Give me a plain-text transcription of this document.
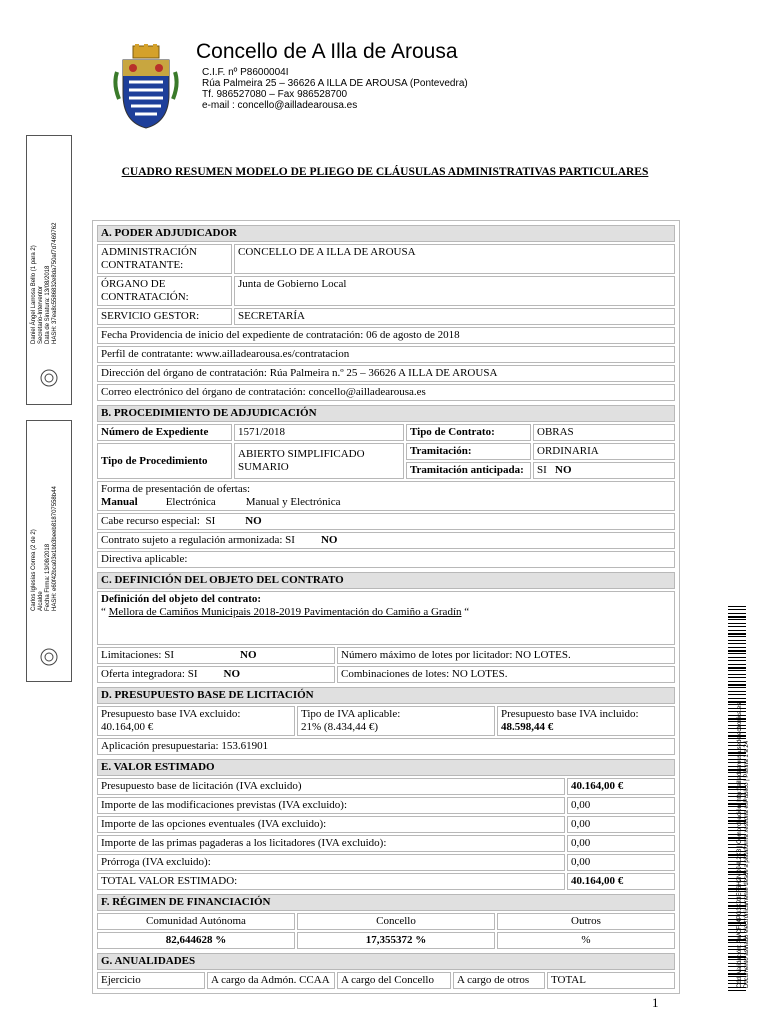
Concello de A Illa de Arousa
C.I.F. nº P8600004I
Rúa Palmeira 25 – 36626 A ILLA DE AROUSA (Pontevedra)
Tf. 986527080 – Fax 986528700
e-mail : concello@ailladearousa.es
Daniel Ángel Larrosa Bello (1 para 2) Secretario-Interventor Data de Sinatura: 13/08/2018 HASH: 37ea8c5586832e8da750af7d7469762
Carlos Iglesias Correa (2 de 2) Alcalde Fecha Firma: 13/08/2018 HASH: e60f42bca03e1bb3beeb818707558b44
CUADRO RESUMEN MODELO DE PLIEGO DE CLÁUSULAS ADMINISTRATIVAS PARTICULARES
A. PODER ADJUDICADOR	
ADMINISTRACIÓN CONTRATANTE:	CONCELLO DE A ILLA DE AROUSA
ÓRGANO DE CONTRATACIÓN:	Junta de Gobierno Local
SERVICIO GESTOR:	SECRETARÍA
Fecha Providencia de inicio del expediente de contratación: 06 de agosto de 2018	
Perfil de contratante: www.ailladearousa.es/contratacion	
Dirección del órgano de contratación: Rúa Palmeira n.º 25 – 36626 A ILLA DE AROUSA	
Correo electrónico del órgano de contratación: concello@ailladearousa.es	
B. PROCEDIMIENTO DE ADJUDICACIÓN			
Número de Expediente	1571/2018	Tipo de Contrato:	OBRAS
Tipo de Procedimiento	ABIERTO SIMPLIFICADO SUMARIO	Tramitación:	ORDINARIA
		Tramitación anticipada:	SI NO

Forma de presentación de ofertas:
Manual Electrónica Manual y Electrónica			

Cabe recurso especial: SI NO			
Contrato sujeto a regulación armonizada: SI NO			
Directiva aplicable:			
C. DEFINICIÓN DEL OBJETO DEL CONTRATO	

Definición del objeto del contrato:
“ Mellora de Camiños Municipais 2018-2019 Pavimentación do Camiño a Gradín “	

Limitaciones: SI NO	Número máximo de lotes por licitador: NO LOTES.
Oferta integradora: SI NO	Combinaciones de lotes: NO LOTES.
D. PRESUPUESTO BASE DE LICITACIÓN

Presupuesto base IVA excluido:
40.164,00 €

Tipo de IVA aplicable:
21% (8.434,44 €)

Presupuesto base IVA incluido:
48.598,44 €

Aplicación presupuestaria: 153.61901
E. VALOR ESTIMADO	
Presupuesto base de licitación (IVA excluido)	40.164,00 €
Importe de las modificaciones previstas (IVA excluido):	0,00
Importe de las opciones eventuales (IVA excluido):	0,00
Importe de las primas pagaderas a los licitadores (IVA excluido):	0,00
Prórroga (IVA excluido):	0,00
TOTAL VALOR ESTIMADO:	40.164,00 €
F. RÉGIMEN DE FINANCIACIÓN		
Comunidad Autónoma	Concello	Outros
82,644628 %	17,355372 %	%
G. ANUALIDADES
Ejercicio	A cargo da Admón. CCAA	A cargo del Concello	A cargo de otros	TOTAL
1
Cód. Validación: AWCFL4PG3K93EF6H2NDJ4L2K3 | Comprobación: http://ailladearousa.sedelectronica.es/ Documento asinado electrónicamente desde a plataforma xestiona esPublico | Páxina 1 a 24
